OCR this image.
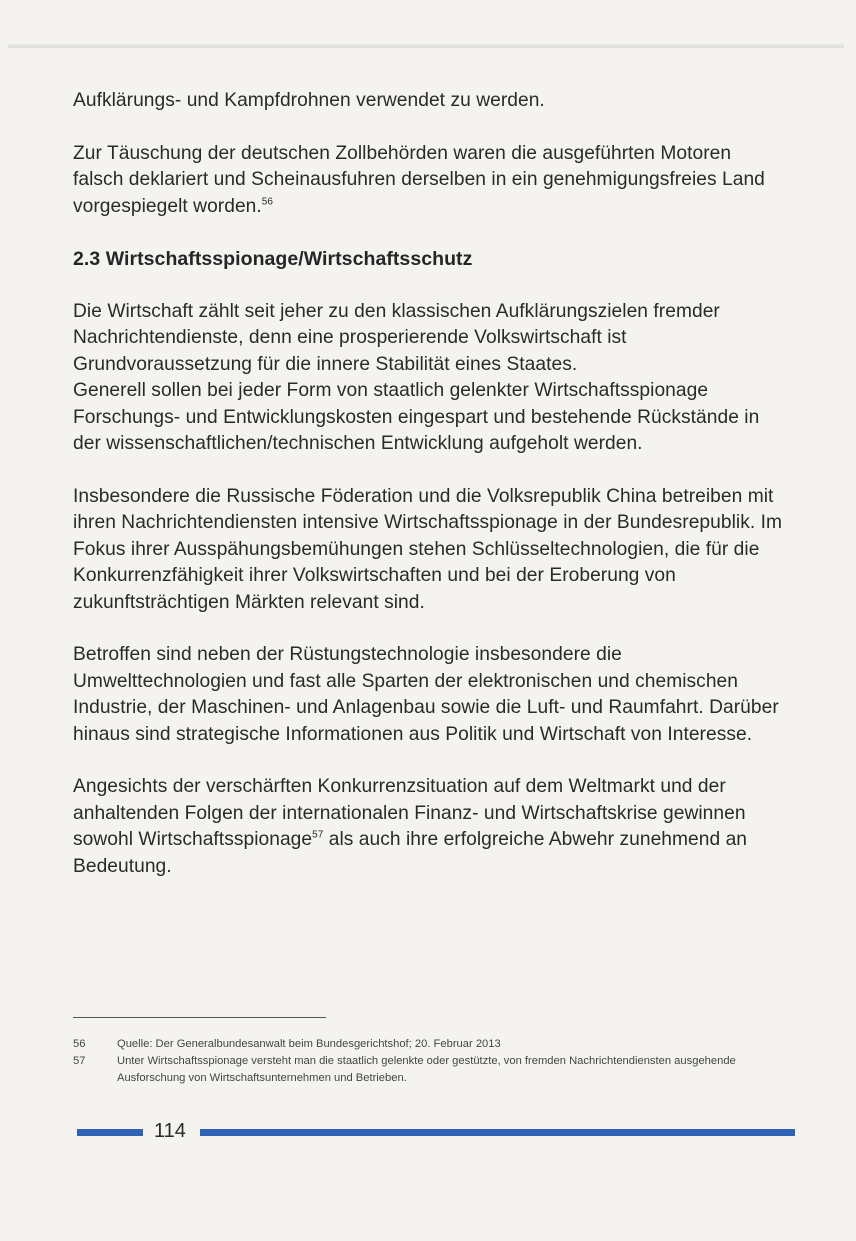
Aufklärungs- und Kampfdrohnen verwendet zu werden.

Zur Täuschung der deutschen Zollbehörden waren die ausgeführten Motoren falsch deklariert und Scheinausfuhren derselben in ein genehmigungsfreies Land vorgespiegelt worden.$^{56}$

2.3 Wirtschaftsspionage/Wirtschaftsschutz

Die Wirtschaft zählt seit jeher zu den klassischen Aufklärungszielen fremder Nachrichtendienste, denn eine prosperierende Volkswirtschaft ist Grundvoraussetzung für die innere Stabilität eines Staates.

Generell sollen bei jeder Form von staatlich gelenkter Wirtschaftsspionage Forschungs- und Entwicklungskosten eingespart und bestehende Rückstände in der wissenschaftlichen/technischen Entwicklung aufgeholt werden.

Insbesondere die Russische Föderation und die Volksrepublik China betreiben mit ihren Nachrichtendiensten intensive Wirtschaftsspionage in der Bundesrepublik. Im Fokus ihrer Ausspähungsbemühungen stehen Schlüsseltechnologien, die für die Konkurrenzfähigkeit ihrer Volkswirtschaften und bei der Eroberung von zukunftsträchtigen Märkten relevant sind.

Betroffen sind neben der Rüstungstechnologie insbesondere die Umwelttechnologien und fast alle Sparten der elektronischen und chemischen Industrie, der Maschinen- und Anlagenbau sowie die Luft- und Raumfahrt. Darüber hinaus sind strategische Informationen aus Politik und Wirtschaft von Interesse.

Angesichts der verschärften Konkurrenzsituation auf dem Weltmarkt und der anhaltenden Folgen der internationalen Finanz- und Wirtschaftskrise gewinnen sowohl Wirtschaftsspionage$^{57}$ als auch ihre erfolgreiche Abwehr zunehmend an Bedeutung.

56	Quelle: Der Generalbundesanwalt beim Bundesgerichtshof; 20. Februar 2013
57	Unter Wirtschaftsspionage versteht man die staatlich gelenkte oder gestützte, von fremden Nachrichtendiensten ausgehende Ausforschung von Wirtschaftsunternehmen und Betrieben.
114
